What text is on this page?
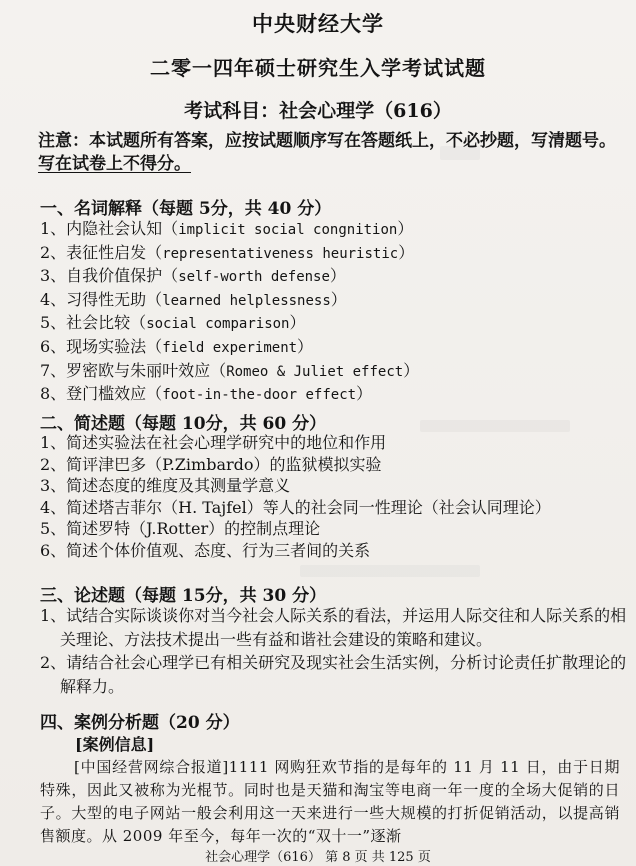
中央财经大学
二零一四年硕士研究生入学考试试题
考试科目：社会心理学（616）
注意：本试题所有答案，应按试题顺序写在答题纸上，不必抄题，写清题号。
写在试卷上不得分。
一、名词解释（每题 5分，共 40 分）
1、内隐社会认知（implicit social congnition）
2、表征性启发（representativeness heuristic）
3、自我价值保护（self-worth defense）
4、习得性无助（learned helplessness）
5、社会比较（social comparison）
6、现场实验法（field experiment）
7、罗密欧与朱丽叶效应（Romeo & Juliet effect）
8、登门槛效应（foot-in-the-door effect）
二、简述题（每题 10分，共 60 分）
1、简述实验法在社会心理学研究中的地位和作用
2、简评津巴多（P.Zimbardo）的监狱模拟实验
3、简述态度的维度及其测量学意义
4、简述塔吉菲尔（H. Tajfel）等人的社会同一性理论（社会认同理论）
5、简述罗特（J.Rotter）的控制点理论
6、简述个体价值观、态度、行为三者间的关系
三、论述题（每题 15分，共 30 分）
1、试结合实际谈谈你对当今社会人际关系的看法，并运用人际交往和人际关系的相关理论、方法技术提出一些有益和谐社会建设的策略和建议。
2、请结合社会心理学已有相关研究及现实社会生活实例，分析讨论责任扩散理论的解释力。
四、案例分析题（20 分）
[案例信息]

[中国经营网综合报道]1111 网购狂欢节指的是每年的 11 月 11 日，由于日期特殊，因此又被称为光棍节。同时也是天猫和淘宝等电商一年一度的全场大促销的日子。大型的电子网站一般会利用这一天来进行一些大规模的打折促销活动，以提高销售额度。从 2009 年至今，每年一次的“双十一”逐渐

社会心理学（616） 第 8 页 共 125 页
